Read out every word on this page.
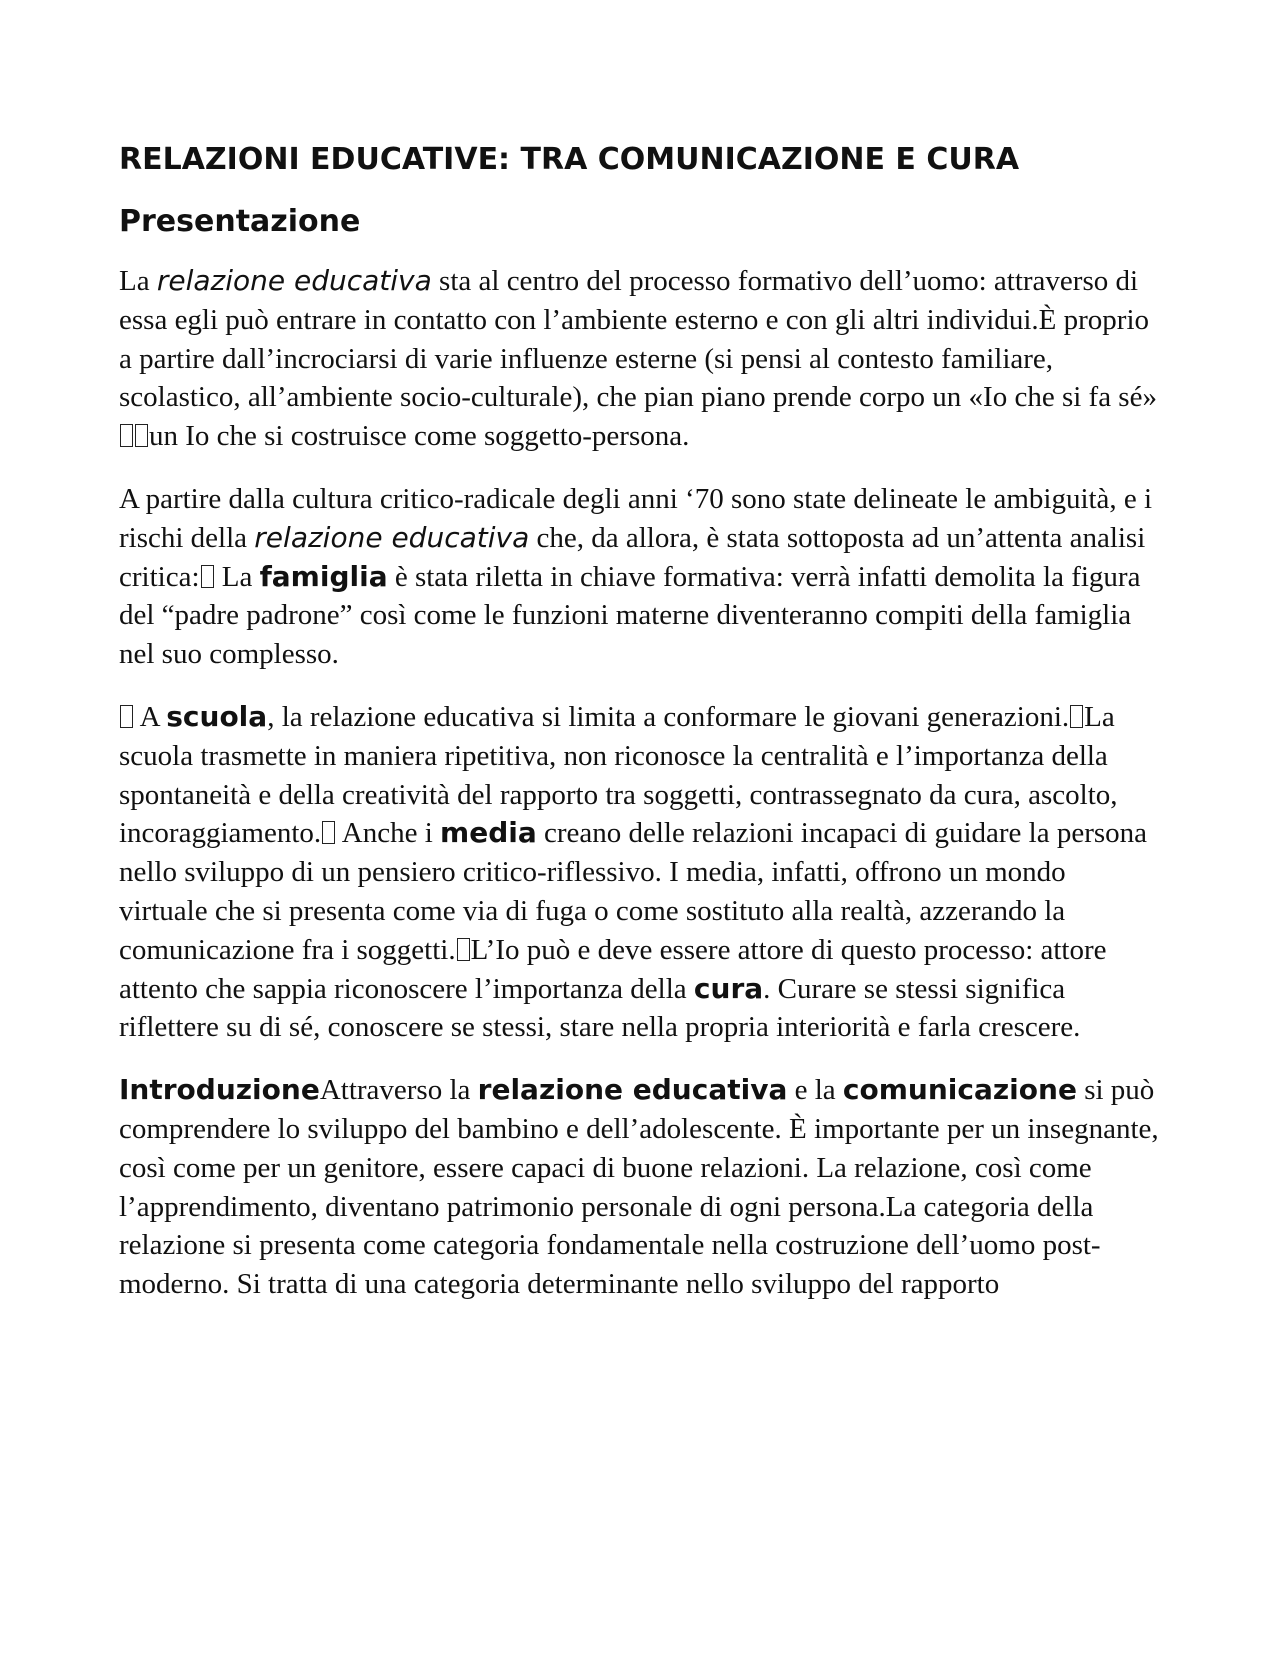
RELAZIONI EDUCATIVE: TRA COMUNICAZIONE E CURA
Presentazione

La relazione educativa sta al centro del processo formativo dell’uomo: attraverso di essa egli può entrare in contatto con l’ambiente esterno e con gli altri individui.È proprio a partire dall’incrociarsi di varie influenze esterne (si pensi al contesto familiare, scolastico, all’ambiente socio-culturale), che pian piano prende corpo un «Io che si fa sé» un Io che si costruisce come soggetto-persona.

A partire dalla cultura critico-radicale degli anni ‘70 sono state delineate le ambiguità, e i rischi della relazione educativa che, da allora, è stata sottoposta ad un’attenta analisi critica: La famiglia è stata riletta in chiave formativa: verrà infatti demolita la figura del “padre padrone” così come le funzioni materne diventeranno compiti della famiglia nel suo complesso.

A scuola, la relazione educativa si limita a conformare le giovani generazioni. La scuola trasmette in maniera ripetitiva, non riconosce la centralità e l’importanza della spontaneità e della creatività del rapporto tra soggetti, contrassegnato da cura, ascolto, incoraggiamento. Anche i media creano delle relazioni incapaci di guidare la persona nello sviluppo di un pensiero critico-riflessivo. I media, infatti, offrono un mondo virtuale che si presenta come via di fuga o come sostituto alla realtà, azzerando la comunicazione fra i soggetti. L’Io può e deve essere attore di questo processo: attore attento che sappia riconoscere l’importanza della cura. Curare se stessi significa riflettere su di sé, conoscere se stessi, stare nella propria interiorità e farla crescere.

IntroduzioneAttraverso la relazione educativa e la comunicazione si può comprendere lo sviluppo del bambino e dell’adolescente. È importante per un insegnante, così come per un genitore, essere capaci di buone relazioni. La relazione, così come l’apprendimento, diventano patrimonio personale di ogni persona.La categoria della relazione si presenta come categoria fondamentale nella costruzione dell’uomo post-moderno. Si tratta di una categoria determinante nello sviluppo del rapporto
